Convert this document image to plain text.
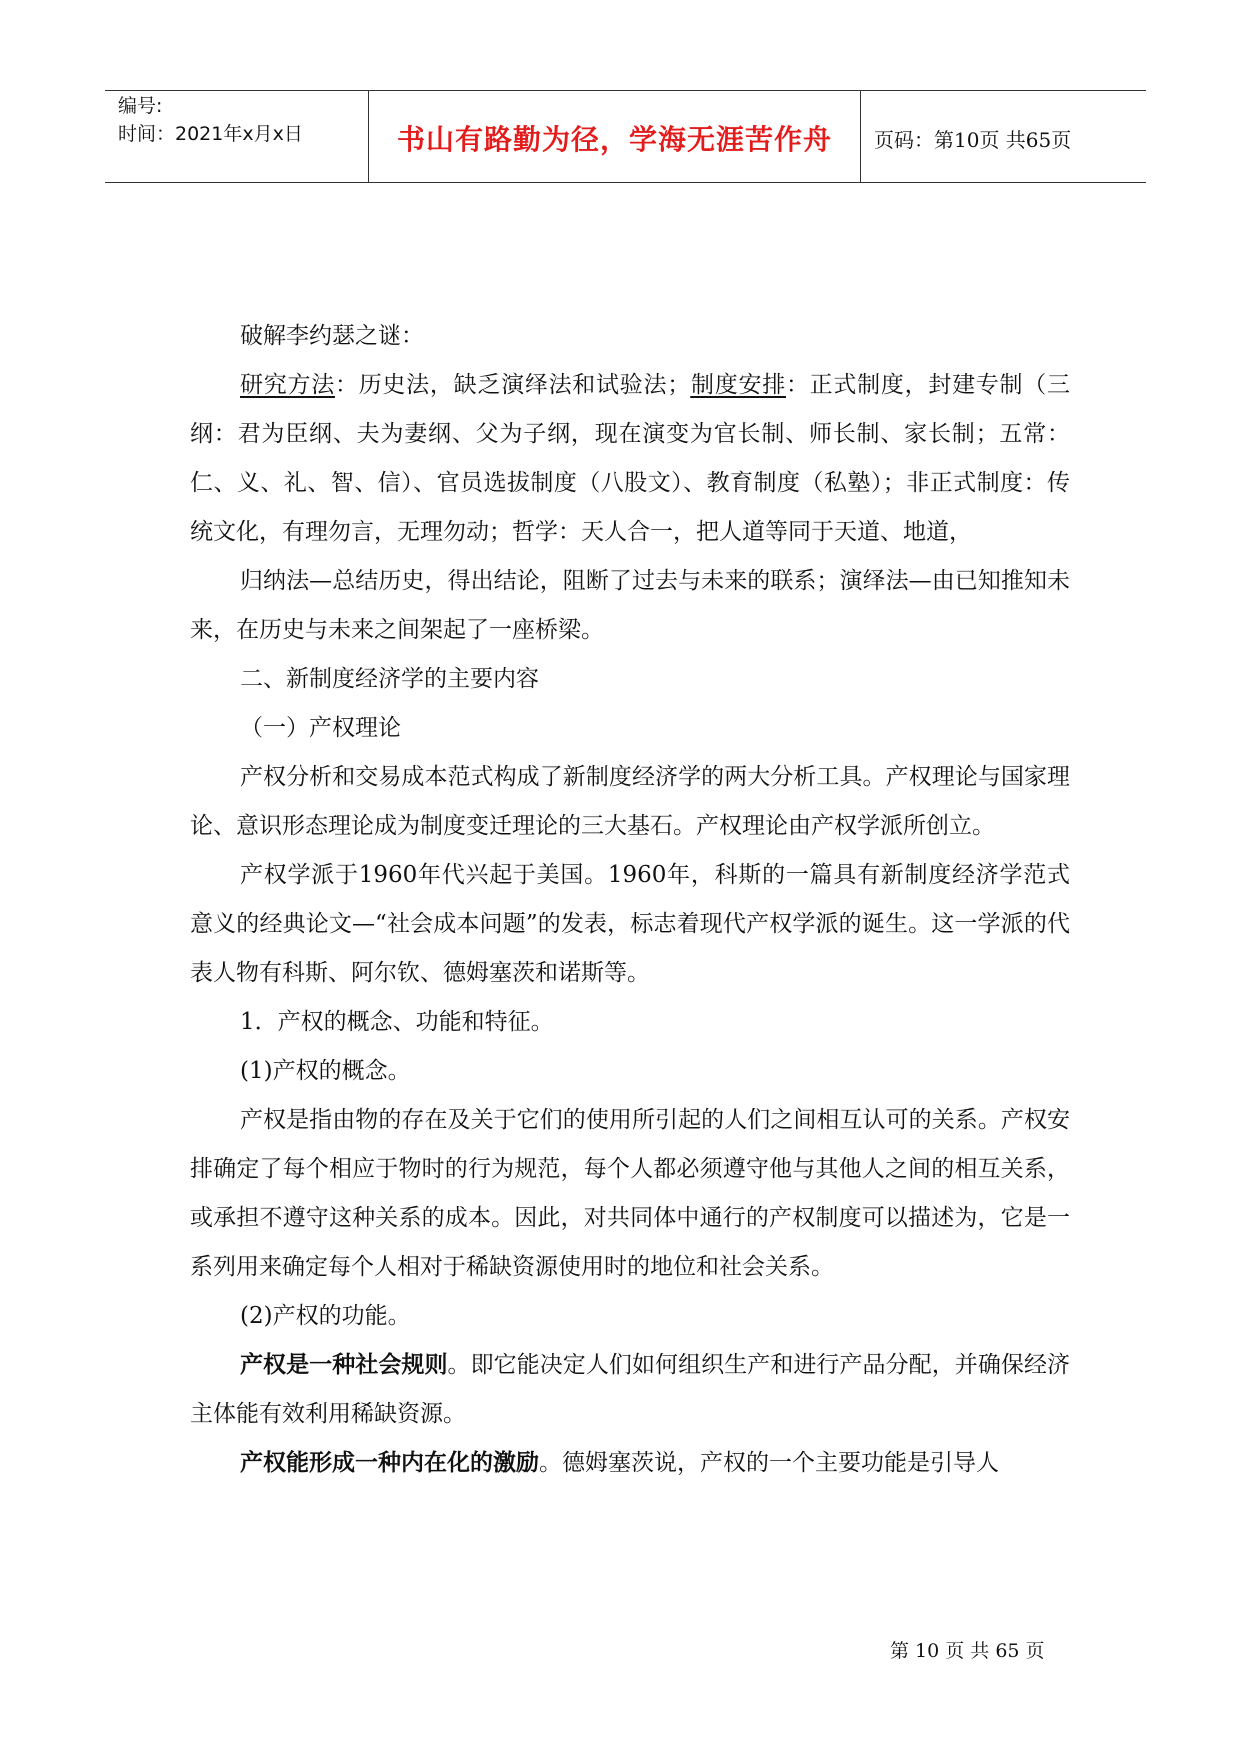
编号:
时间：2021年x月x日	书山有路勤为径，学海无涯苦作舟	页码：第10页 共65页

破解李约瑟之谜：

研究方法：历史法，缺乏演绎法和试验法；制度安排：正式制度，封建专制（三纲：君为臣纲、夫为妻纲、父为子纲，现在演变为官长制、师长制、家长制；五常：仁、义、礼、智、信）、官员选拔制度（八股文）、教育制度（私塾）；非正式制度：传统文化，有理勿言，无理勿动；哲学：天人合一，把人道等同于天道、地道，

归纳法—总结历史，得出结论，阻断了过去与未来的联系；演绎法—由已知推知未来，在历史与未来之间架起了一座桥梁。

二、新制度经济学的主要内容

（一）产权理论

产权分析和交易成本范式构成了新制度经济学的两大分析工具。产权理论与国家理论、意识形态理论成为制度变迁理论的三大基石。产权理论由产权学派所创立。

产权学派于1960年代兴起于美国。1960年，科斯的一篇具有新制度经济学范式意义的经典论文—“社会成本问题”的发表，标志着现代产权学派的诞生。这一学派的代表人物有科斯、阿尔钦、德姆塞茨和诺斯等。

1．产权的概念、功能和特征。

(1)产权的概念。

产权是指由物的存在及关于它们的使用所引起的人们之间相互认可的关系。产权安排确定了每个相应于物时的行为规范，每个人都必须遵守他与其他人之间的相互关系，或承担不遵守这种关系的成本。因此，对共同体中通行的产权制度可以描述为，它是一系列用来确定每个人相对于稀缺资源使用时的地位和社会关系。

(2)产权的功能。

产权是一种社会规则。即它能决定人们如何组织生产和进行产品分配，并确保经济主体能有效利用稀缺资源。

产权能形成一种内在化的激励。德姆塞茨说，产权的一个主要功能是引导人

第 10 页 共 65 页
